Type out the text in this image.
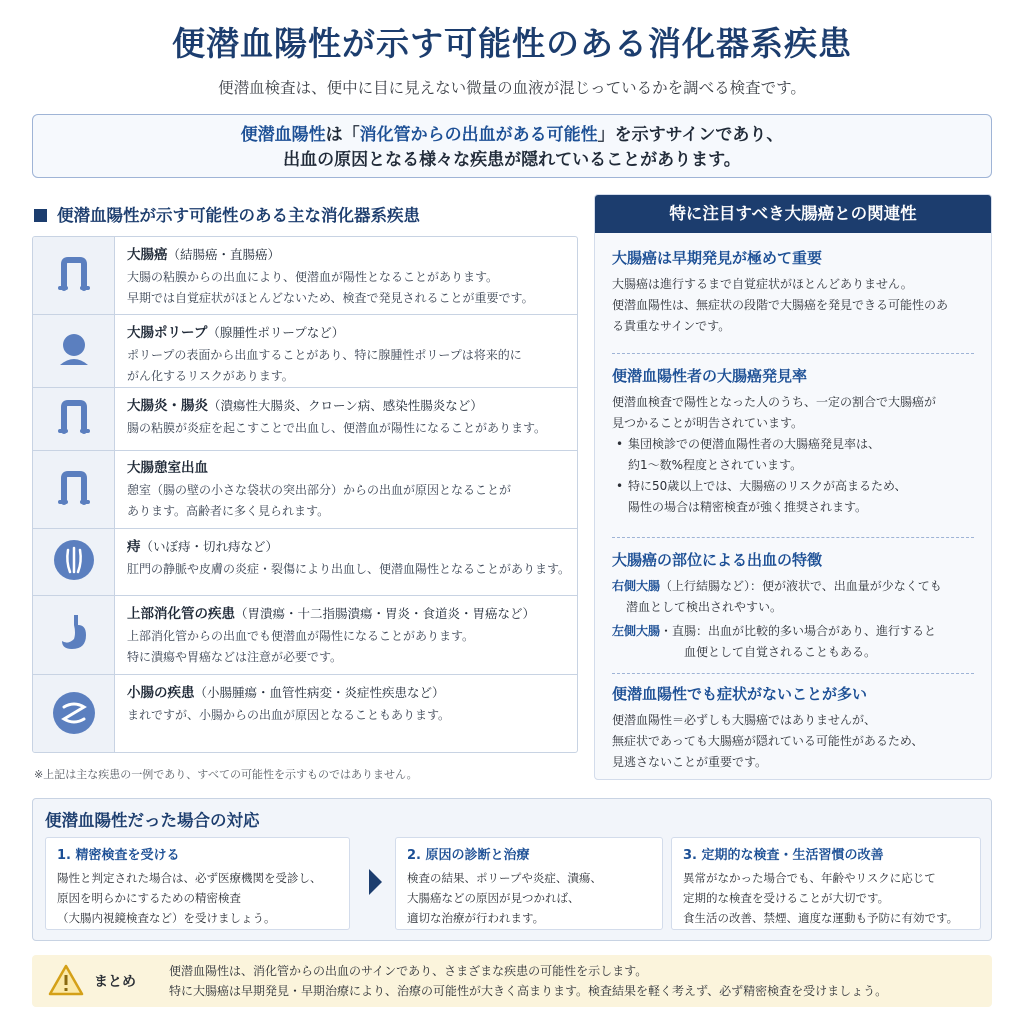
便潜血陽性が示す可能性のある消化器系疾患
便潜血検査は、便中に目に見えない微量の血液が混じっているかを調べる検査です。
便潜血陽性は「消化管からの出血がある可能性」を示すサインであり、
出血の原因となる様々な疾患が隠れていることがあります。
便潜血陽性が示す可能性のある主な消化器系疾患
大腸癌（結腸癌・直腸癌）
大腸の粘膜からの出血により、便潜血が陽性となることがあります。
早期では自覚症状がほとんどないため、検査で発見されることが重要です。
大腸ポリープ（腺腫性ポリープなど）
ポリープの表面から出血することがあり、特に腺腫性ポリープは将来的に
がん化するリスクがあります。
大腸炎・腸炎（潰瘍性大腸炎、クローン病、感染性腸炎など）
腸の粘膜が炎症を起こすことで出血し、便潜血が陽性になることがあります。
大腸憩室出血
憩室（腸の壁の小さな袋状の突出部分）からの出血が原因となることが
あります。高齢者に多く見られます。
痔（いぼ痔・切れ痔など）
肛門の静脈や皮膚の炎症・裂傷により出血し、便潜血陽性となることがあります。
上部消化管の疾患（胃潰瘍・十二指腸潰瘍・胃炎・食道炎・胃癌など）
上部消化管からの出血でも便潜血が陽性になることがあります。
特に潰瘍や胃癌などは注意が必要です。
小腸の疾患（小腸腫瘍・血管性病変・炎症性疾患など）
まれですが、小腸からの出血が原因となることもあります。
※上記は主な疾患の一例であり、すべての可能性を示すものではありません。
特に注目すべき大腸癌との関連性
大腸癌は早期発見が極めて重要

大腸癌は進行するまで自覚症状がほとんどありません。

便潜血陽性は、無症状の段階で大腸癌を発見できる可能性のあ

る貴重なサインです。

便潜血陽性者の大腸癌発見率

便潜血検査で陽性となった人のうち、一定の割合で大腸癌が

見つかることが明告されています。

• 集団検診での便潜血陽性者の大腸癌発見率は、
約1〜数%程度とされています。
• 特に50歳以上では、大腸癌のリスクが高まるため、
陽性の場合は精密検査が強く推奨されます。
大腸癌の部位による出血の特徴
右側大腸（上行結腸など）：便が液状で、出血量が少なくても
潜血として検出されやすい。
左側大腸・直腸：出血が比較的多い場合があり、進行すると
血便として自覚されることもある。
便潜血陽性でも症状がないことが多い

便潜血陽性＝必ずしも大腸癌ではありませんが、

無症状であっても大腸癌が隠れている可能性があるため、

見逃さないことが重要です。

便潜血陽性だった場合の対応
1. 精密検査を受ける

陽性と判定された場合は、必ず医療機関を受診し、

原因を明らかにするための精密検査

（大腸内視鏡検査など）を受けましょう。

2. 原因の診断と治療

検査の結果、ポリープや炎症、潰瘍、

大腸癌などの原因が見つかれば、

適切な治療が行われます。

3. 定期的な検査・生活習慣の改善

異常がなかった場合でも、年齢やリスクに応じて

定期的な検査を受けることが大切です。

食生活の改善、禁煙、適度な運動も予防に有効です。

まとめ
便潜血陽性は、消化管からの出血のサインであり、さまざまな疾患の可能性を示します。
特に大腸癌は早期発見・早期治療により、治療の可能性が大きく高まります。検査結果を軽く考えず、必ず精密検査を受けましょう。
